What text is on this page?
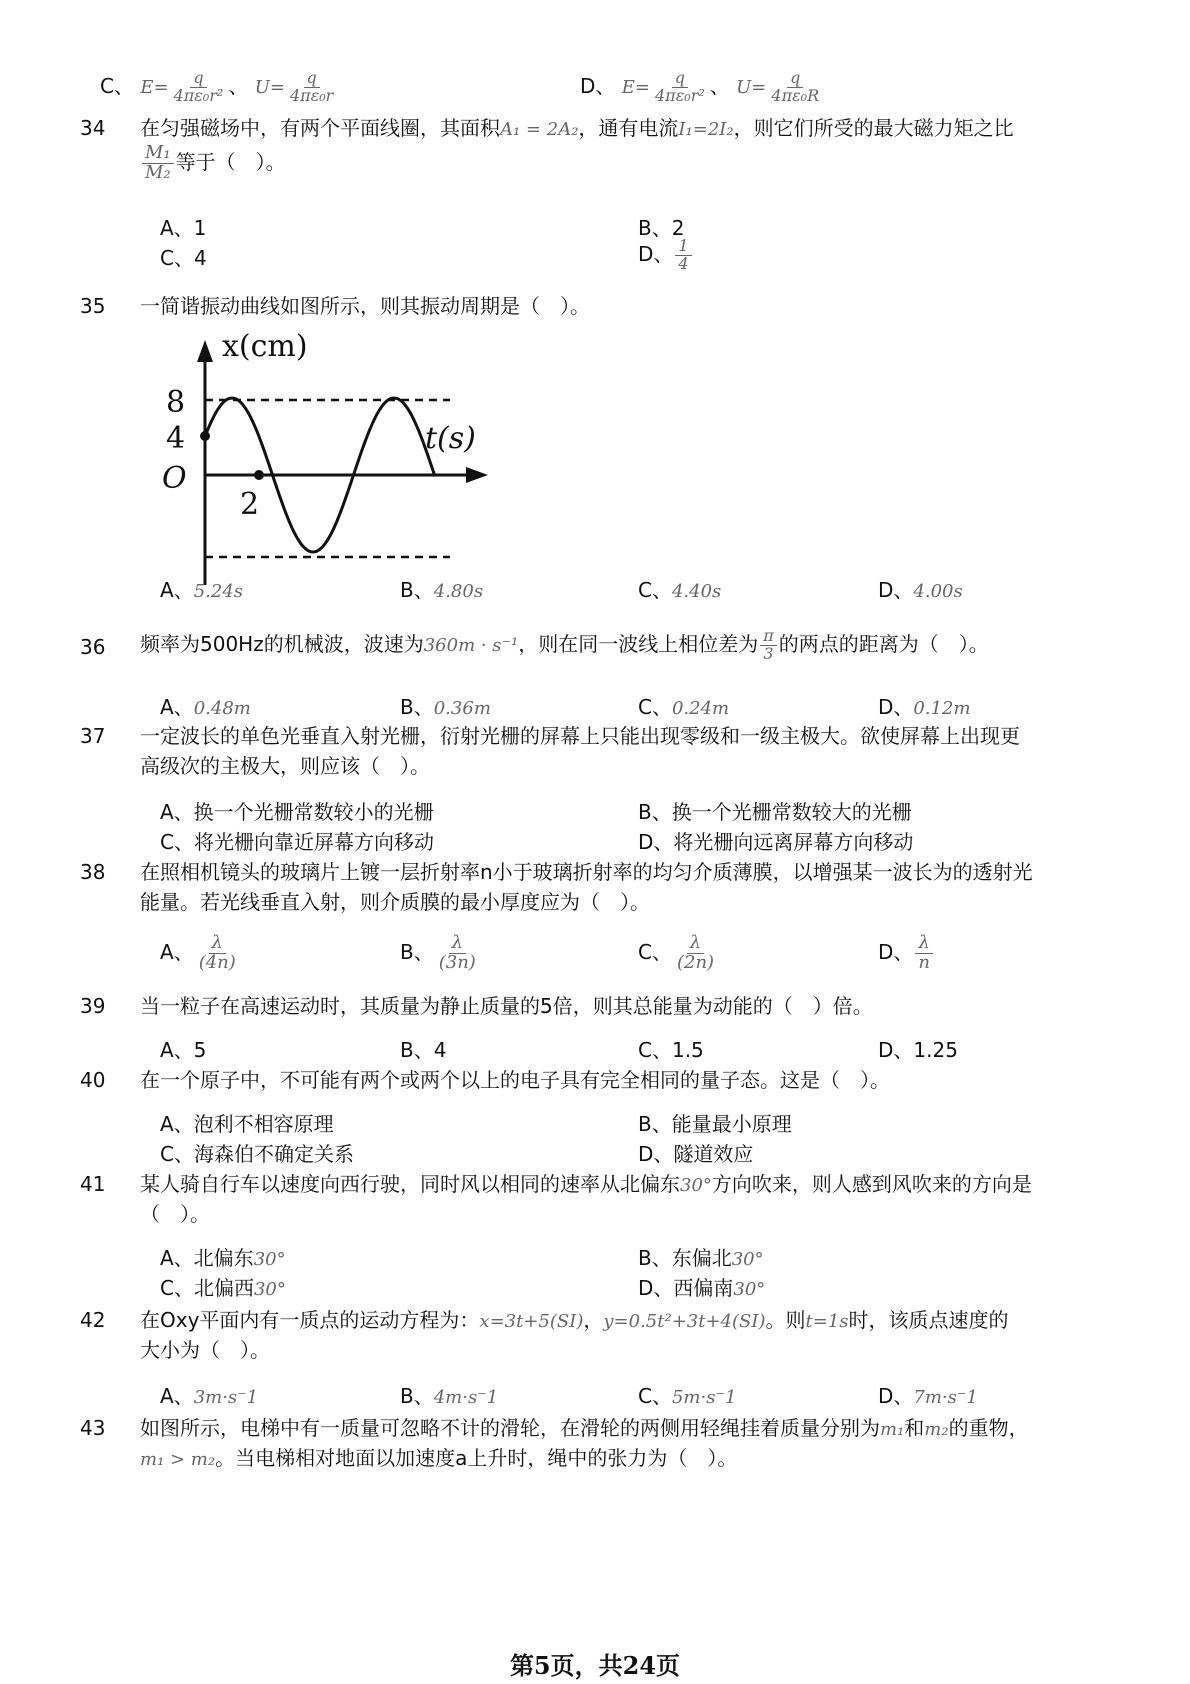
C、 $E= \frac{q}{\text{4πε₀r²}}$ 、 $U= \frac{q}{\text{4πε₀r}}$	D、 $E= \frac{q}{\text{4πε₀r²}}$ 、 $U= \frac{q}{\text{4πε₀R}}$
34 在匀强磁场中，有两个平面线圈，其面积A₁ = 2A₂，通有电流I₁=2I₂，则它们所受的最大磁力矩之比
$\frac{\text{M₁}}{\text{M₂}}$ 等于（　）。
A、1	B、2
C、4	D、 $\frac{1}{4}$
35 一简谐振动曲线如图所示，则其振动周期是（　）。
x(cm)
t(s)
8
4
O
2
A、5.24s	B、4.80s	C、4.40s	D、4.00s
36 频率为500Hz的机械波，波速为360m · s⁻¹，则在同一波线上相位差为 $\frac{\pi}{3}$ 的两点的距离为（　）。
A、0.48m	B、0.36m	C、0.24m	D、0.12m
37 一定波长的单色光垂直入射光栅，衍射光栅的屏幕上只能出现零级和一级主极大。欲使屏幕上出现更
高级次的主极大，则应该（　）。
A、换一个光栅常数较小的光栅	B、换一个光栅常数较大的光栅
C、将光栅向靠近屏幕方向移动	D、将光栅向远离屏幕方向移动
38 在照相机镜头的玻璃片上镀一层折射率n小于玻璃折射率的均匀介质薄膜，以增强某一波长为的透射光
能量。若光线垂直入射，则介质膜的最小厚度应为（　）。
A、 $\frac{\lambda}{(4n)}$	B、 $\frac{\lambda}{(3n)}$	C、 $\frac{\lambda}{(2n)}$	D、 $\frac{\lambda}{n}$
39 当一粒子在高速运动时，其质量为静止质量的5倍，则其总能量为动能的（　）倍。
A、5	B、4	C、1.5	D、1.25
40 在一个原子中，不可能有两个或两个以上的电子具有完全相同的量子态。这是（　）。
A、泡利不相容原理	B、能量最小原理
C、海森伯不确定关系	D、隧道效应
41 某人骑自行车以速度向西行驶，同时风以相同的速率从北偏东30°方向吹来，则人感到风吹来的方向是
（　）。
A、北偏东30°	B、东偏北30°
C、北偏西30°	D、西偏南30°
42 在Oxy平面内有一质点的运动方程为：x=3t+5(SI)，y=0.5t²+3t+4(SI)。则t=1s时，该质点速度的
大小为（　）。
A、3m·s⁻1	B、4m·s⁻1	C、5m·s⁻1	D、7m·s⁻1
43 如图所示，电梯中有一质量可忽略不计的滑轮，在滑轮的两侧用轻绳挂着质量分别为m₁和m₂的重物，
m₁ > m₂。当电梯相对地面以加速度a上升时，绳中的张力为（　）。
第5页，共24页
